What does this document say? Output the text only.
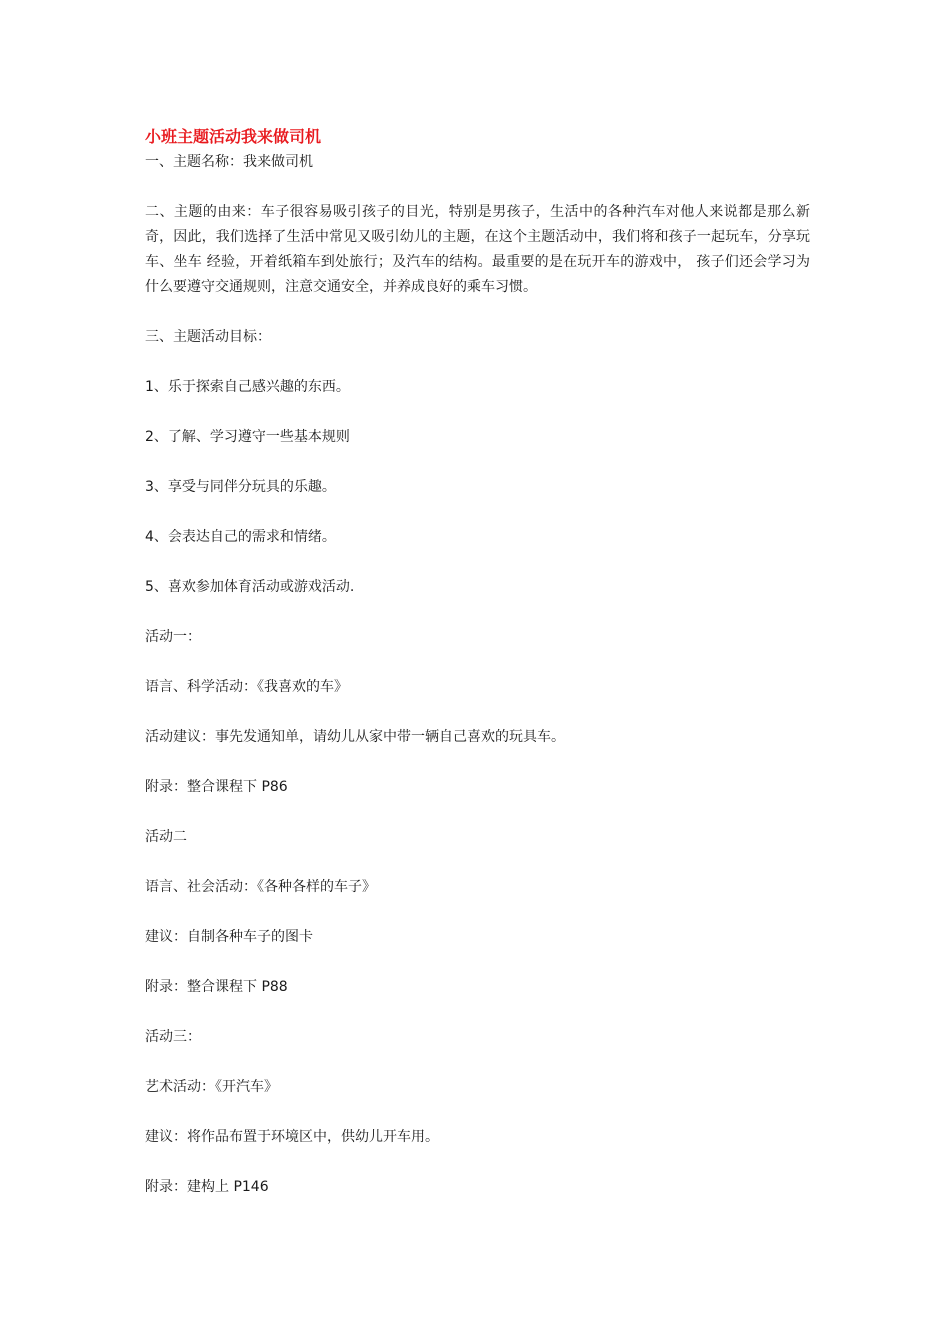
小班主题活动我来做司机

一、主题名称：我来做司机

二、主题的由来：车子很容易吸引孩子的目光，特别是男孩子，生活中的各种汽车对他人来说都是那么新奇，因此，我们选择了生活中常见又吸引幼儿的主题，在这个主题活动中，我们将和孩子一起玩车，分享玩车、坐车 经验，开着纸箱车到处旅行；及汽车的结构。最重要的是在玩开车的游戏中， 孩子们还会学习为什么要遵守交通规则，注意交通安全，并养成良好的乘车习惯。

三、主题活动目标：

1、乐于探索自己感兴趣的东西。

2、了解、学习遵守一些基本规则

3、享受与同伴分玩具的乐趣。

4、会表达自己的需求和情绪。

5、喜欢参加体育活动或游戏活动.

活动一：

语言、科学活动：《我喜欢的车》

活动建议：事先发通知单，请幼儿从家中带一辆自己喜欢的玩具车。

附录：整合课程下 P86

活动二

语言、社会活动：《各种各样的车子》

建议：自制各种车子的图卡

附录：整合课程下 P88

活动三：

艺术活动：《开汽车》

建议：将作品布置于环境区中，供幼儿开车用。

附录：建构上 P146
